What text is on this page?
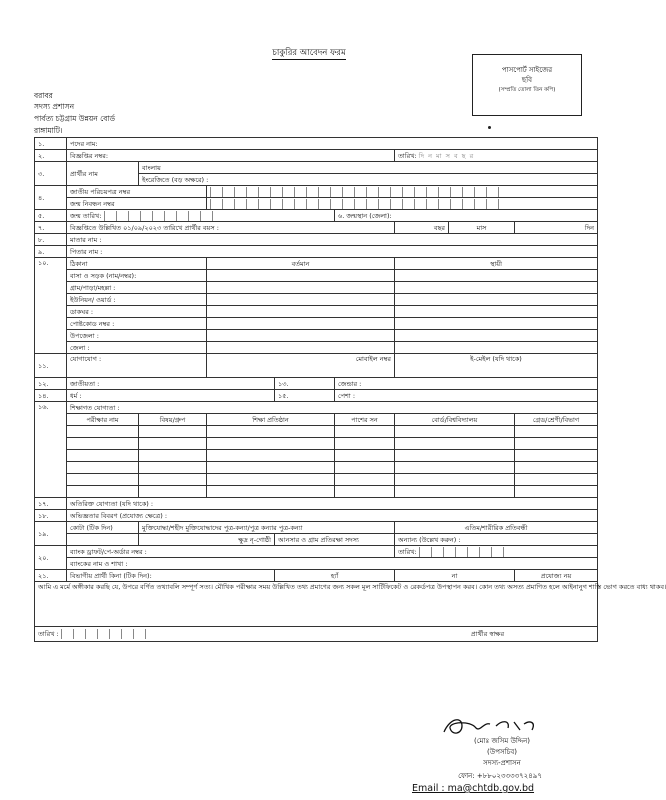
চাকুরির আবেদন ফরম
পাসপোর্ট সাইজের
ছবি
(সম্প্রতি তোলা তিন কপি)
বরাবর
সদস্য প্রশাসন
পার্বত্য চট্টগ্রাম উন্নয়ন বোর্ড
রাঙ্গামাটি।
১.	পদের নাম:							
২.	বিজ্ঞপ্তির নম্বর:					তারিখ: দি ন মা স ব ছ র		
৩.	প্রার্থীর নাম	বাংলায়						
		ইংরেজিতে (বড় অক্ষরে) :						
৪.	জাতীয় পরিচয়পত্র নম্বর							

	জন্ম নিবন্ধন নম্বর							

৫.	জন্ম তারিখ:				৬. জন্মস্থান (জেলা):			
৭.	বিজ্ঞপ্তিতে উল্লিখিত ০১/০৯/২০২৩ তারিখে প্রার্থীর বয়স :					বছর	মাস	দিন
৮.	মাতার নাম :							
৯.	পিতার নাম :							
১০.	ঠিকানা		বর্তমান			স্থায়ী		
	বাসা ও সড়ক (নাম/নম্বর):							
	গ্রাম/পাড়া/মহল্লা :							
	ইউনিয়ন/ ওয়ার্ড :							
	ডাকঘর :							
	পোষ্টকোড নম্বর :							
	উপজেলা :							
	জেলা :							
১১.	যোগাযোগ :		মোবাইল নম্বর			ই-মেইল (যদি থাকে)		
১২.	জাতীয়তা :			১৩.	জেন্ডার :			
১৪.	ধর্ম :			১৫.	পেশা :			
১৬.	শিক্ষাগত যোগ্যতা :							
	পরীক্ষার নাম	বিষয়/গ্রুপ	শিক্ষা প্রতিষ্ঠান		পাশের সন	বোর্ড/বিশ্ববিদ্যালয়		গ্রেড/শ্রেণী/বিভাগ

১৭.	অতিরিক্ত যোগ্যতা (যদি থাকে) :							
১৮.	অভিজ্ঞতার বিবরণ (প্রযোজ্য ক্ষেত্রে) :							
১৯.	কোটা (টিক দিন)	মুক্তিযোদ্ধা/শহীদ মুক্তিযোদ্ধাদের পুত্র-কন্যা/পুত্র কন্যার পুত্র-কন্যা				এতিম/শারীরিক প্রতিবন্ধী		
		ক্ষুদ্র নৃ-গোষ্ঠী		আনসার ও গ্রাম প্রতিরক্ষা সদস্য		অন্যান্য (উল্লেখ করুন) :		
২০.	ব্যাংক ড্রাফট/পে-অর্ডার নম্বর :					তারিখ:		

	ব্যাংকের নাম ও শাখা :							
২১.	বিভাগীয় প্রার্থী কিনা (টিক দিন):			হ্যাঁ		না		প্রযোজ্য নয়
আমি এ মর্মে অঙ্গীকার করছি যে, উপরে বর্ণিত তথ্যাবলি সম্পূর্ণ সত্য। মৌখিক পরীক্ষার সময় উল্লিখিত তথ্য প্রমাণের জন্য সকল মূল সার্টিফিকেট ও রেকর্ডপত্র উপস্থাপন করব। কোন তথ্য অসত্য প্রমাণিত হলে আইনানুগ শাস্তি ভোগ করতে বাধ্য থাকব।								
তারিখ : প্রার্থীর স্বাক্ষর								
(মোঃ জসিম উদ্দিন)
(উপসচিব)
সদস্য-প্রশাসন
ফোন: +৮৮০২৩৩৩৩৭২৪৯৭
Email : ma@chtdb.gov.bd
